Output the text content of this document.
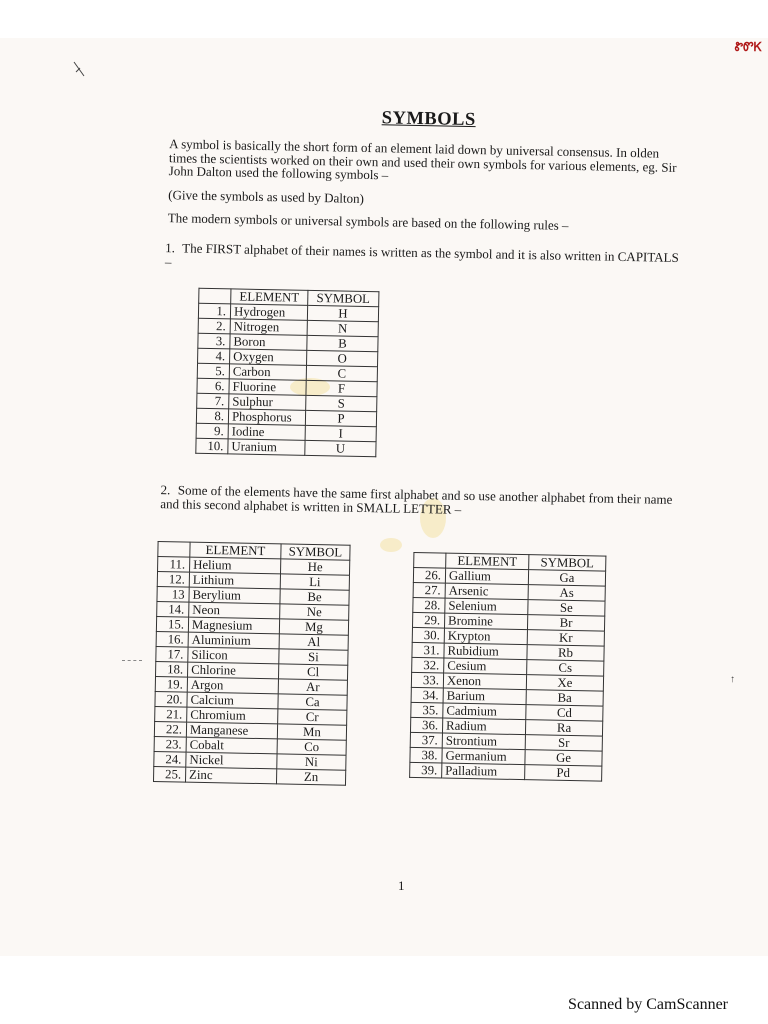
ᏑᏛᏦ
↑
SYMBOLS

A symbol is basically the short form of an element laid down by universal consensus. In olden times the scientists worked on their own and used their own symbols for various elements, eg. Sir John Dalton used the following symbols –

(Give the symbols as used by Dalton)

The modern symbols or universal symbols are based on the following rules –

1. The FIRST alphabet of their names is written as the symbol and it is also written in CAPITALS –
	ELEMENT	SYMBOL
1.	Hydrogen	H
2.	Nitrogen	N
3.	Boron	B
4.	Oxygen	O
5.	Carbon	C
6.	Fluorine	F
7.	Sulphur	S
8.	Phosphorus	P
9.	Iodine	I
10.	Uranium	U
2. Some of the elements have the same first alphabet and so use another alphabet from their name and this second alphabet is written in SMALL LETTER –
	ELEMENT	SYMBOL
11.	Helium	He
12.	Lithium	Li
13	Berylium	Be
14.	Neon	Ne
15.	Magnesium	Mg
16.	Aluminium	Al
17.	Silicon	Si
18.	Chlorine	Cl
19.	Argon	Ar
20.	Calcium	Ca
21.	Chromium	Cr
22.	Manganese	Mn
23.	Cobalt	Co
24.	Nickel	Ni
25.	Zinc	Zn
	ELEMENT	SYMBOL
26.	Gallium	Ga
27.	Arsenic	As
28.	Selenium	Se
29.	Bromine	Br
30.	Krypton	Kr
31.	Rubidium	Rb
32.	Cesium	Cs
33.	Xenon	Xe
34.	Barium	Ba
35.	Cadmium	Cd
36.	Radium	Ra
37.	Strontium	Sr
38.	Germanium	Ge
39.	Palladium	Pd
1
Scanned by CamScanner
